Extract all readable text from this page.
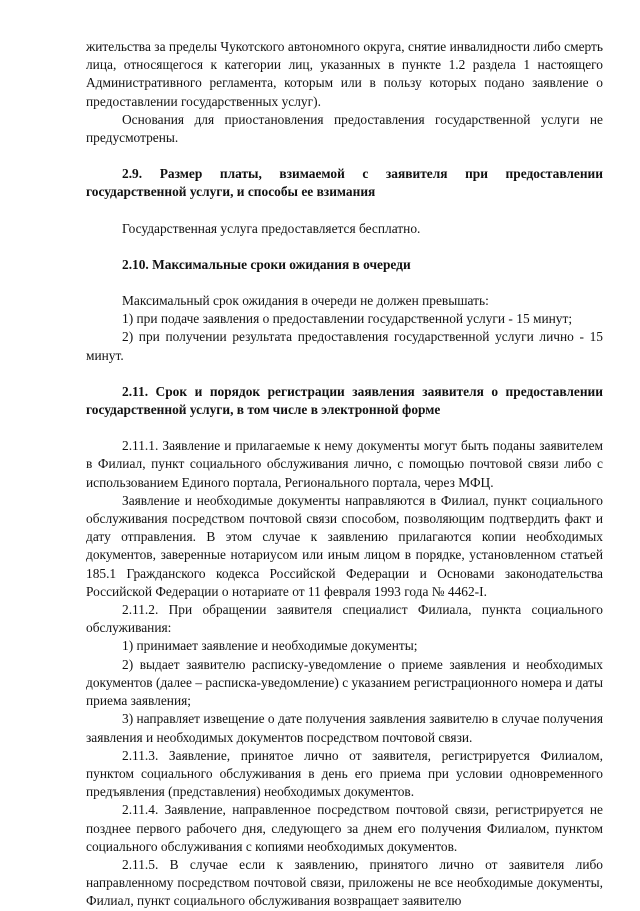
жительства за пределы Чукотского автономного округа, снятие инвалидности либо смерть лица, относящегося к категории лиц, указанных в пункте 1.2 раздела 1 настоящего Административного регламента, которым или в пользу которых подано заявление о предоставлении государственных услуг).

Основания для приостановления предоставления государственной услуги не предусмотрены.

2.9. Размер платы, взимаемой с заявителя при предоставлении государственной услуги, и способы ее взимания

Государственная услуга предоставляется бесплатно.

2.10. Максимальные сроки ожидания в очереди

Максимальный срок ожидания в очереди не должен превышать:

1) при подаче заявления о предоставлении государственной услуги - 15 минут;

2) при получении результата предоставления государственной услуги лично - 15 минут.

2.11. Срок и порядок регистрации заявления заявителя о предоставлении государственной услуги, в том числе в электронной форме

2.11.1. Заявление и прилагаемые к нему документы могут быть поданы заявителем в Филиал, пункт социального обслуживания лично, с помощью почтовой связи либо с использованием Единого портала, Регионального портала, через МФЦ.

Заявление и необходимые документы направляются в Филиал, пункт социального обслуживания посредством почтовой связи способом, позволяющим подтвердить факт и дату отправления. В этом случае к заявлению прилагаются копии необходимых документов, заверенные нотариусом или иным лицом в порядке, установленном статьей 185.1 Гражданского кодекса Российской Федерации и Основами законодательства Российской Федерации о нотариате от 11 февраля 1993 года № 4462-I.

2.11.2. При обращении заявителя специалист Филиала, пункта социального обслуживания:

1) принимает заявление и необходимые документы;

2) выдает заявителю расписку-уведомление о приеме заявления и необходимых документов (далее – расписка-уведомление) с указанием регистрационного номера и даты приема заявления;

3) направляет извещение о дате получения заявления заявителю в случае получения заявления и необходимых документов посредством почтовой связи.

2.11.3. Заявление, принятое лично от заявителя, регистрируется Филиалом, пунктом социального обслуживания в день его приема при условии одновременного предъявления (представления) необходимых документов.

2.11.4. Заявление, направленное посредством почтовой связи, регистрируется не позднее первого рабочего дня, следующего за днем его получения Филиалом, пунктом социального обслуживания с копиями необходимых документов.

2.11.5. В случае если к заявлению, принятого лично от заявителя либо направленному посредством почтовой связи, приложены не все необходимые документы, Филиал, пункт социального обслуживания возвращает заявителю
